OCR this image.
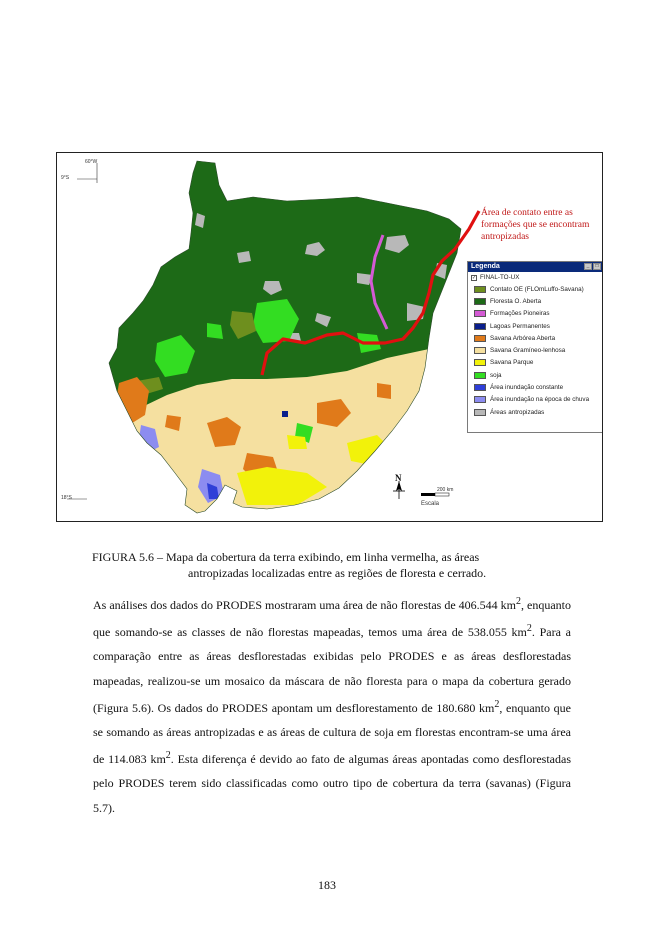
9°S
60°W
18°S
N
200 km
Escala
Área de contato entre as formações que se encontram antropizadas
Legenda	_	□
✓ FINAL-TO-UX
Contato OE (FLOmLuffo-Savana)
Floresta O. Aberta
Formações Pioneiras
Lagoas Permanentes
Savana Arbórea Aberta
Savana Gramíneo-lenhosa
Savana Parque
soja
Área inundação constante
Área inundação na época de chuva
Áreas antropizadas
FIGURA 5.6 – Mapa da cobertura da terra exibindo, em linha vermelha, as áreas
antropizadas localizadas entre as regiões de floresta e cerrado.
As análises dos dados do PRODES mostraram uma área de não florestas de 406.544 $km^2$, enquanto que somando-se as classes de não florestas mapeadas, temos uma área de 538.055 $km^2$. Para a comparação entre as áreas desflorestadas exibidas pelo PRODES e as áreas desflorestadas mapeadas, realizou-se um mosaico da máscara de não floresta para o mapa da cobertura gerado (Figura 5.6). Os dados do PRODES apontam um desflorestamento de 180.680 $km^2$, enquanto que se somando as áreas antropizadas e as áreas de cultura de soja em florestas encontram-se uma área de 114.083 $km^2$. Esta diferença é devido ao fato de algumas áreas apontadas como desflorestadas pelo PRODES terem sido classificadas como outro tipo de cobertura da terra (savanas) (Figura 5.7).
183
